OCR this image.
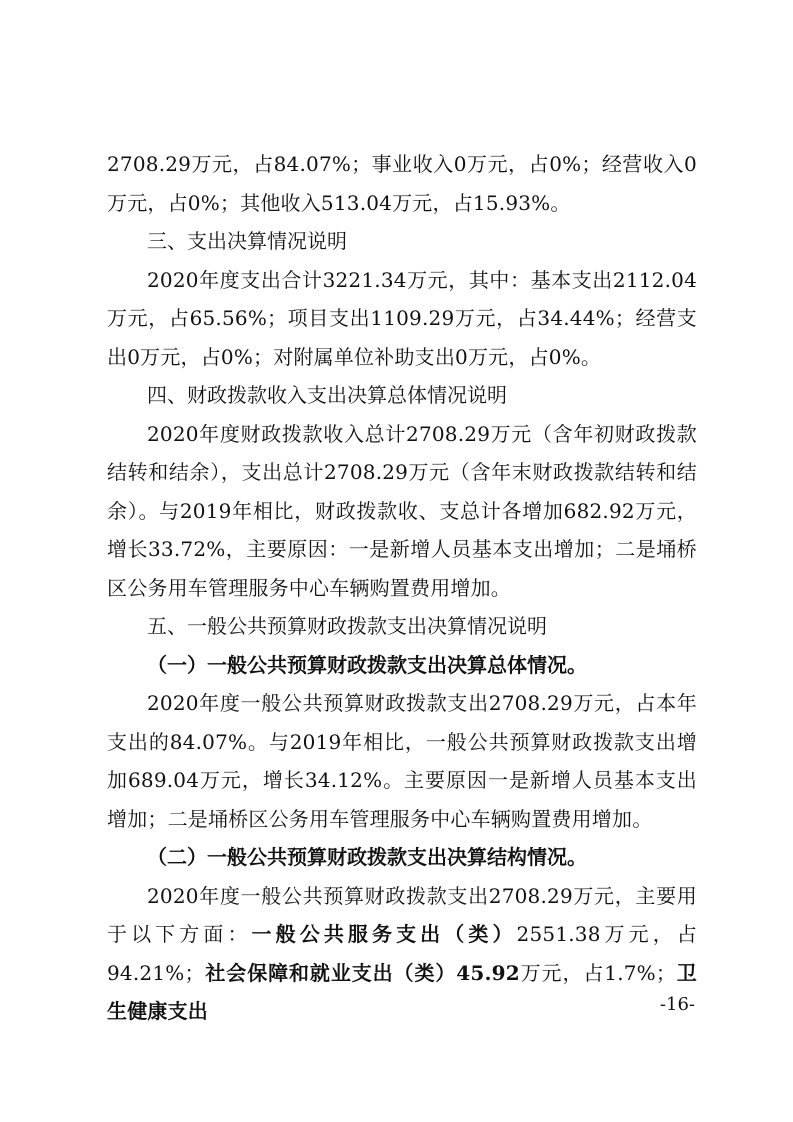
2708.29万元，占84.07%；事业收入0万元，占0%；经营收入0万元，占0%；其他收入513.04万元，占15.93%。

三、支出决算情况说明

2020年度支出合计3221.34万元，其中：基本支出2112.04万元，占65.56%；项目支出1109.29万元，占34.44%；经营支出0万元，占0%；对附属单位补助支出0万元，占0%。

四、财政拨款收入支出决算总体情况说明

2020年度财政拨款收入总计2708.29万元（含年初财政拨款结转和结余），支出总计2708.29万元（含年末财政拨款结转和结余）。与2019年相比，财政拨款收、支总计各增加682.92万元，增长33.72%，主要原因：一是新增人员基本支出增加；二是埇桥区公务用车管理服务中心车辆购置费用增加。

五、一般公共预算财政拨款支出决算情况说明

（一）一般公共预算财政拨款支出决算总体情况。

2020年度一般公共预算财政拨款支出2708.29万元，占本年支出的84.07%。与2019年相比，一般公共预算财政拨款支出增加689.04万元，增长34.12%。主要原因一是新增人员基本支出增加；二是埇桥区公务用车管理服务中心车辆购置费用增加。

（二）一般公共预算财政拨款支出决算结构情况。

2020年度一般公共预算财政拨款支出2708.29万元，主要用于以下方面：一般公共服务支出（类）2551.38万元，占94.21%；社会保障和就业支出（类）45.92万元，占1.7%；卫生健康支出	-16-
